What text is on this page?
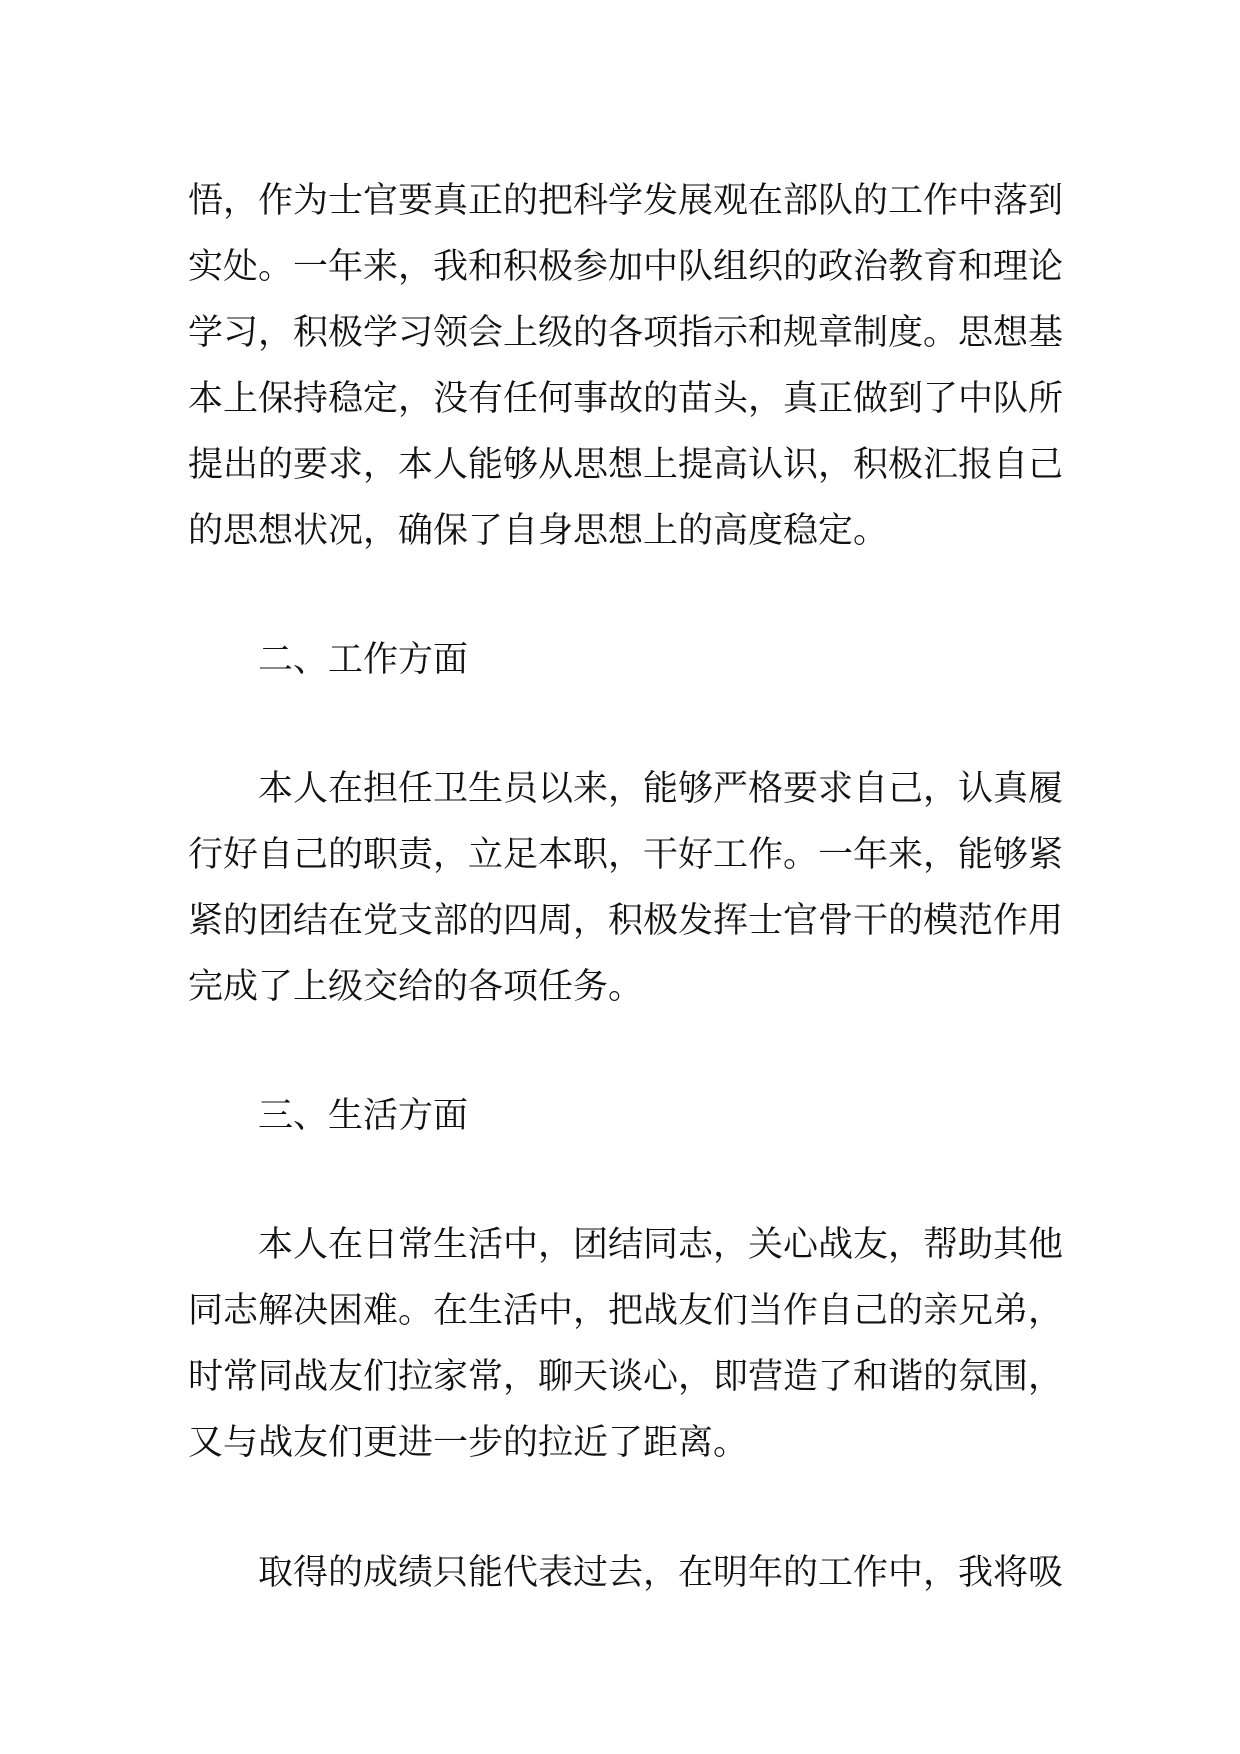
悟，作为士官要真正的把科学发展观在部队的工作中落到
实处。一年来，我和积极参加中队组织的政治教育和理论
学习，积极学习领会上级的各项指示和规章制度。思想基
本上保持稳定，没有任何事故的苗头，真正做到了中队所
提出的要求，本人能够从思想上提高认识，积极汇报自己
的思想状况，确保了自身思想上的高度稳定。
二、工作方面
本人在担任卫生员以来，能够严格要求自己，认真履
行好自己的职责，立足本职，干好工作。一年来，能够紧
紧的团结在党支部的四周，积极发挥士官骨干的模范作用
完成了上级交给的各项任务。
三、生活方面
本人在日常生活中，团结同志，关心战友，帮助其他
同志解决困难。在生活中，把战友们当作自己的亲兄弟，
时常同战友们拉家常，聊天谈心，即营造了和谐的氛围，
又与战友们更进一步的拉近了距离。
取得的成绩只能代表过去，在明年的工作中，我将吸
